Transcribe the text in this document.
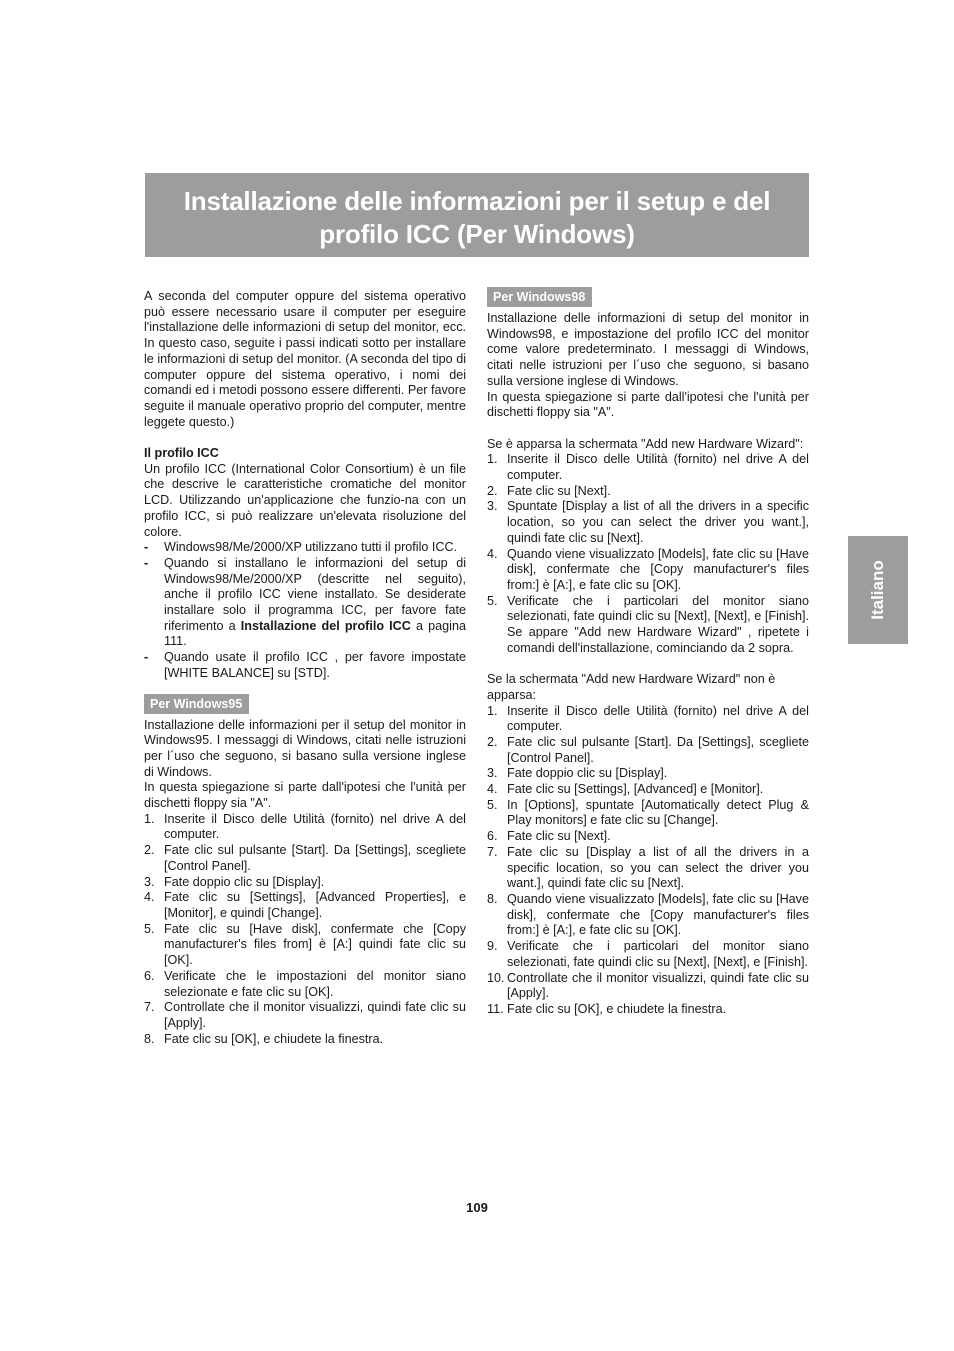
Installazione delle informazioni per il setup e del
profilo ICC (Per Windows)

A seconda del computer oppure del sistema operativo può essere necessario usare il computer per eseguire l'installazione delle informazioni di setup del monitor, ecc. In questo caso, seguite i passi indicati sotto per installare le informazioni di setup del monitor. (A seconda del tipo di computer oppure del sistema operativo, i nomi dei comandi ed i metodi possono essere differenti. Per favore seguite il manuale operativo proprio del computer, mentre leggete questo.)

Il profilo ICC

Un profilo ICC (International Color Consortium) è un file che descrive le caratteristiche cromatiche del monitor LCD. Utilizzando un'applicazione che funzio-na con un profilo ICC, si può realizzare un'elevata risoluzione del colore.

- Windows98/Me/2000/XP utilizzano tutti il profilo ICC.
- Quando si installano le informazioni del setup di Windows98/Me/2000/XP (descritte nel seguito), anche il profilo ICC viene installato. Se desiderate installare solo il programma ICC, per favore fate riferimento a Installazione del profilo ICC a pagina 111.
- Quando usate il profilo ICC , per favore impostate [WHITE BALANCE] su [STD].
Per Windows95

Installazione delle informazioni per il setup del monitor in Windows95. I messaggi di Windows, citati nelle istruzioni per l´uso che seguono, si basano sulla versione inglese di Windows.

In questa spiegazione si parte dall'ipotesi che l'unità per dischetti floppy sia "A".

1. Inserite il Disco delle Utilità (fornito) nel drive A del computer.
2. Fate clic sul pulsante [Start]. Da [Settings], scegliete [Control Panel].
3. Fate doppio clic su [Display].
4. Fate clic su [Settings], [Advanced Properties], e [Monitor], e quindi [Change].
5. Fate clic su [Have disk], confermate che [Copy manufacturer's files from] è [A:] quindi fate clic su [OK].
6. Verificate che le impostazioni del monitor siano selezionate e fate clic su [OK].
7. Controllate che il monitor visualizzi, quindi fate clic su [Apply].
8. Fate clic su [OK], e chiudete la finestra.
Per Windows98

Installazione delle informazioni di setup del monitor in Windows98, e impostazione del profilo ICC del monitor come valore predeterminato. I messaggi di Windows, citati nelle istruzioni per l´uso che seguono, si basano sulla versione inglese di Windows.

In questa spiegazione si parte dall'ipotesi che l'unità per dischetti floppy sia "A".

Se è apparsa la schermata "Add new Hardware Wizard":

1. Inserite il Disco delle Utilità (fornito) nel drive A del computer.
2. Fate clic su [Next].
3. Spuntate [Display a list of all the drivers in a specific location, so you can select the driver you want.], quindi fate clic su [Next].
4. Quando viene visualizzato [Models], fate clic su [Have disk], confermate che [Copy manufacturer's files from:] è [A:], e fate clic su [OK].
5. Verificate che i particolari del monitor siano selezionati, fate quindi clic su [Next], [Next], e [Finish]. Se appare "Add new Hardware Wizard" , ripetete i comandi dell'installazione, cominciando da 2 sopra.

Se la schermata "Add new Hardware Wizard" non è apparsa:

1. Inserite il Disco delle Utilità (fornito) nel drive A del computer.
2. Fate clic sul pulsante [Start]. Da [Settings], scegliete [Control Panel].
3. Fate doppio clic su [Display].
4. Fate clic su [Settings], [Advanced] e [Monitor].
5. In [Options], spuntate [Automatically detect Plug & Play monitors] e fate clic su [Change].
6. Fate clic su [Next].
7. Fate clic su [Display a list of all the drivers in a specific location, so you can select the driver you want.], quindi fate clic su [Next].
8. Quando viene visualizzato [Models], fate clic su [Have disk], confermate che [Copy manufacturer's files from:] è [A:], e fate clic su [OK].
9. Verificate che i particolari del monitor siano selezionati, fate quindi clic su [Next], [Next], e [Finish].
10. Controllate che il monitor visualizzi, quindi fate clic su [Apply].
11. Fate clic su [OK], e chiudete la finestra.
Italiano
109
